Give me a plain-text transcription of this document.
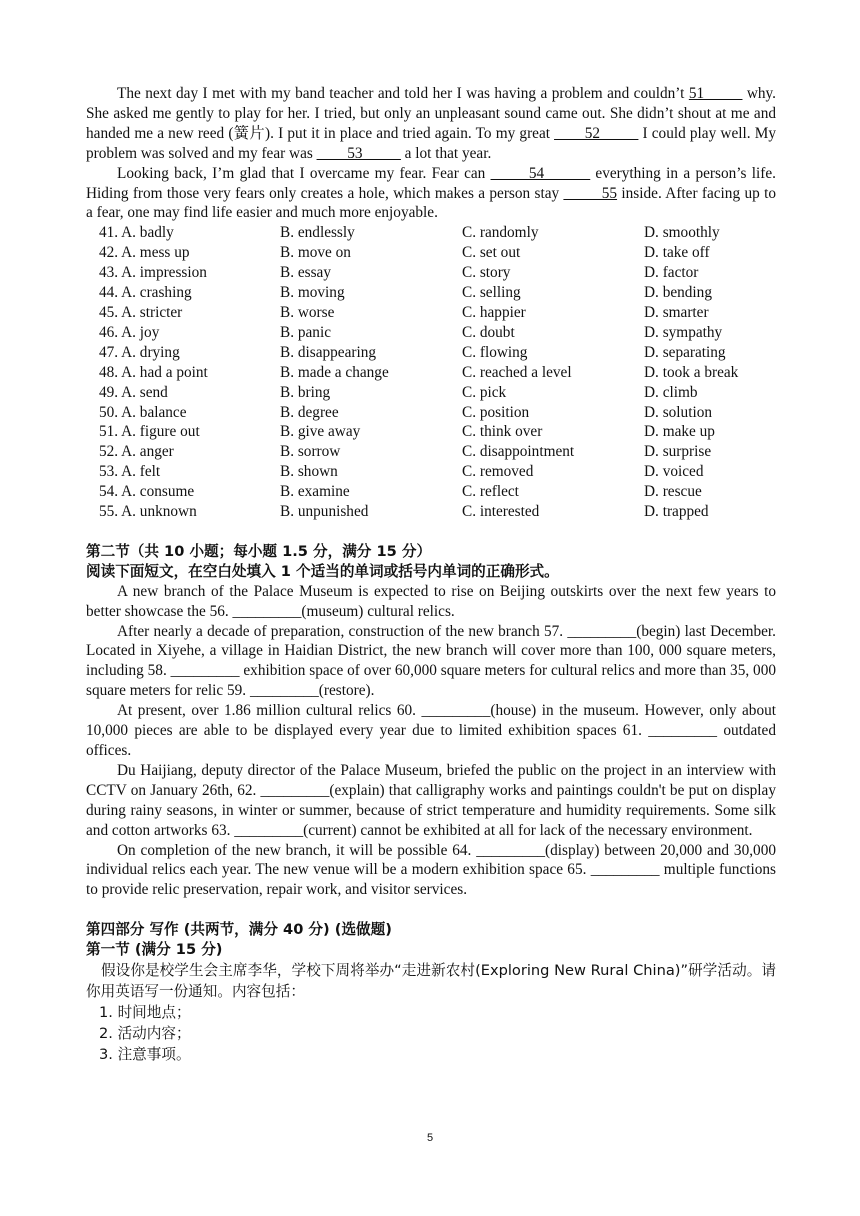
The next day I met with my band teacher and told her I was having a problem and couldn’t 51_____ why. She asked me gently to play for her. I tried, but only an unpleasant sound came out. She didn’t shout at me and handed me a new reed (簧片). I put it in place and tried again. To my great ____52_____ I could play well. My problem was solved and my fear was ____53_____ a lot that year.

Looking back, I’m glad that I overcame my fear. Fear can _____54______ everything in a person’s life. Hiding from those very fears only creates a hole, which makes a person stay _____55 inside. After facing up to a fear, one may find life easier and much more enjoyable.

41. A. badly	B. endlessly	C. randomly	D. smoothly
42. A. mess up	B. move on	C. set out	D. take off
43. A. impression	B. essay	C. story	D. factor
44. A. crashing	B. moving	C. selling	D. bending
45. A. stricter	B. worse	C. happier	D. smarter
46. A. joy	B. panic	C. doubt	D. sympathy
47. A. drying	B. disappearing	C. flowing	D. separating
48. A. had a point	B. made a change	C. reached a level	D. took a break
49. A. send	B. bring	C. pick	D. climb
50. A. balance	B. degree	C. position	D. solution
51. A. figure out	B. give away	C. think over	D. make up
52. A. anger	B. sorrow	C. disappointment	D. surprise
53. A. felt	B. shown	C. removed	D. voiced
54. A. consume	B. examine	C. reflect	D. rescue
55. A. unknown	B. unpunished	C. interested	D. trapped
第二节（共 10 小题；每小题 1.5 分，满分 15 分）
阅读下面短文，在空白处填入 1 个适当的单词或括号内单词的正确形式。

A new branch of the Palace Museum is expected to rise on Beijing outskirts over the next few years to better showcase the 56. _________(museum) cultural relics.

After nearly a decade of preparation, construction of the new branch 57. _________(begin) last December. Located in Xiyehe, a village in Haidian District, the new branch will cover more than 100, 000 square meters, including 58. _________ exhibition space of over 60,000 square meters for cultural relics and more than 35, 000 square meters for relic 59. _________(restore).

At present, over 1.86 million cultural relics 60. _________(house) in the museum. However, only about 10,000 pieces are able to be displayed every year due to limited exhibition spaces 61. _________ outdated offices.

Du Haijiang, deputy director of the Palace Museum, briefed the public on the project in an interview with CCTV on January 26th, 62. _________(explain) that calligraphy works and paintings couldn't be put on display during rainy seasons, in winter or summer, because of strict temperature and humidity requirements. Some silk and cotton artworks 63. _________(current) cannot be exhibited at all for lack of the necessary environment.

On completion of the new branch, it will be possible 64. _________(display) between 20,000 and 30,000 individual relics each year. The new venue will be a modern exhibition space 65. _________ multiple functions to provide relic preservation, repair work, and visitor services.

第四部分 写作 (共两节，满分 40 分) (选做题)
第一节 (满分 15 分)

假设你是校学生会主席李华，学校下周将举办“走进新农村(Exploring New Rural China)”研学活动。请你用英语写一份通知。内容包括：

1. 时间地点；
2. 活动内容；
3. 注意事项。
5
